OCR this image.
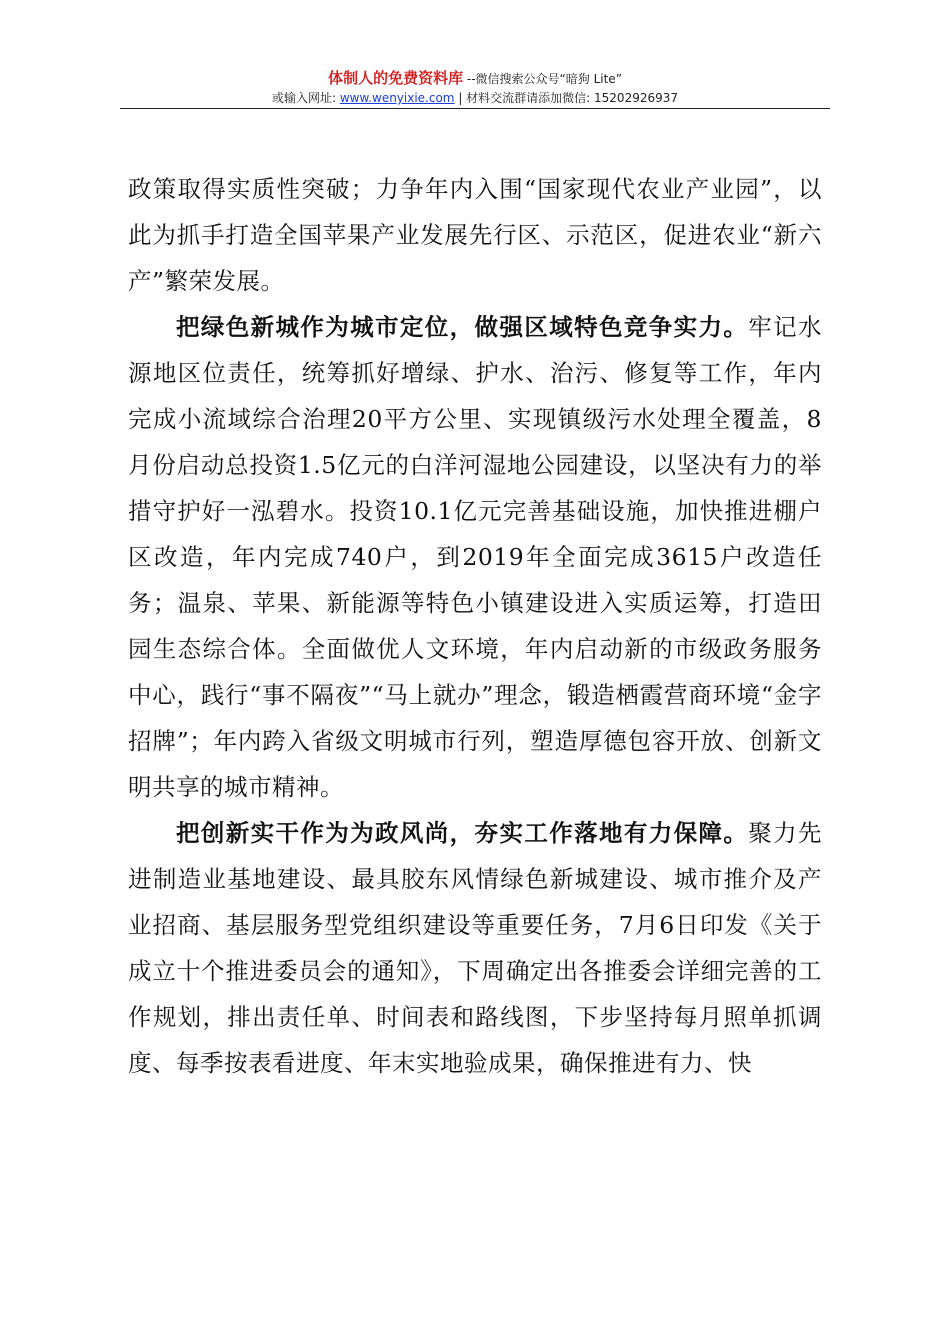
体制人的免费资料库 --微信搜索公众号“暗狗 Lite”
或输入网址: www.wenyixie.com | 材料交流群请添加微信: 15202926937

政策取得实质性突破；力争年内入围“国家现代农业产业园”，以此为抓手打造全国苹果产业发展先行区、示范区，促进农业“新六产”繁荣发展。

把绿色新城作为城市定位，做强区域特色竞争实力。牢记水源地区位责任，统筹抓好增绿、护水、治污、修复等工作，年内完成小流域综合治理20平方公里、实现镇级污水处理全覆盖，8月份启动总投资1.5亿元的白洋河湿地公园建设，以坚决有力的举措守护好一泓碧水。投资10.1亿元完善基础设施，加快推进棚户区改造，年内完成740户，到2019年全面完成3615户改造任务；温泉、苹果、新能源等特色小镇建设进入实质运筹，打造田园生态综合体。全面做优人文环境，年内启动新的市级政务服务中心，践行“事不隔夜”“马上就办”理念，锻造栖霞营商环境“金字招牌”；年内跨入省级文明城市行列，塑造厚德包容开放、创新文明共享的城市精神。

把创新实干作为为政风尚，夯实工作落地有力保障。聚力先进制造业基地建设、最具胶东风情绿色新城建设、城市推介及产业招商、基层服务型党组织建设等重要任务，7月6日印发《关于成立十个推进委员会的通知》，下周确定出各推委会详细完善的工作规划，排出责任单、时间表和路线图，下步坚持每月照单抓调度、每季按表看进度、年末实地验成果，确保推进有力、快
